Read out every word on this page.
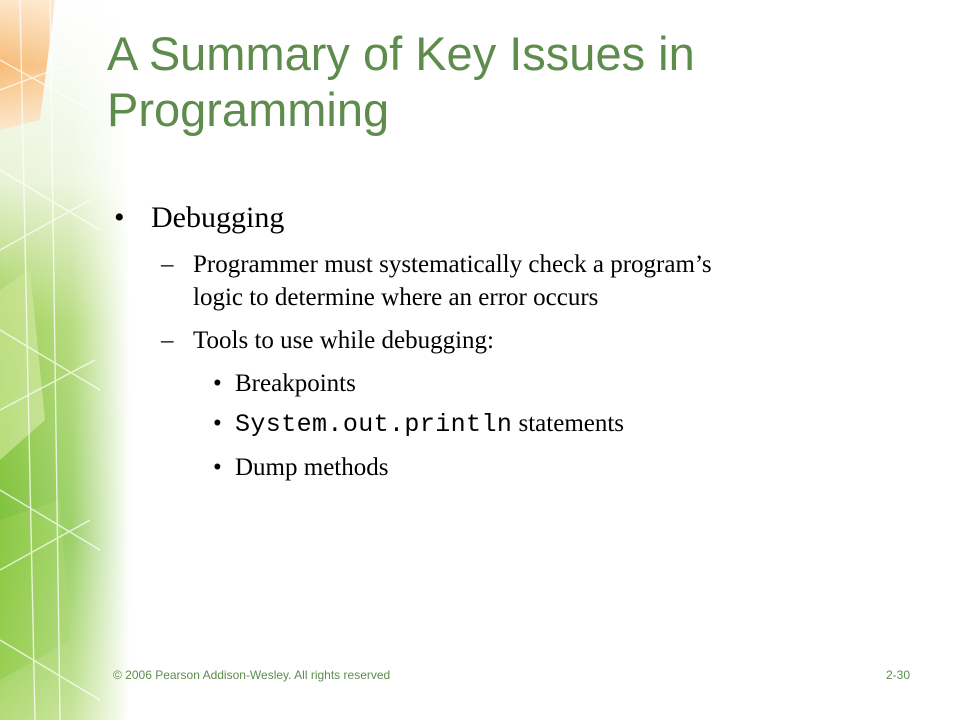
A Summary of Key Issues in
Programming
• Debugging
– Programmer must systematically check a program’s
logic to determine where an error occurs
– Tools to use while debugging:
• Breakpoints
• System.out.println statements
• Dump methods
© 2006 Pearson Addison-Wesley. All rights reserved	2-30
